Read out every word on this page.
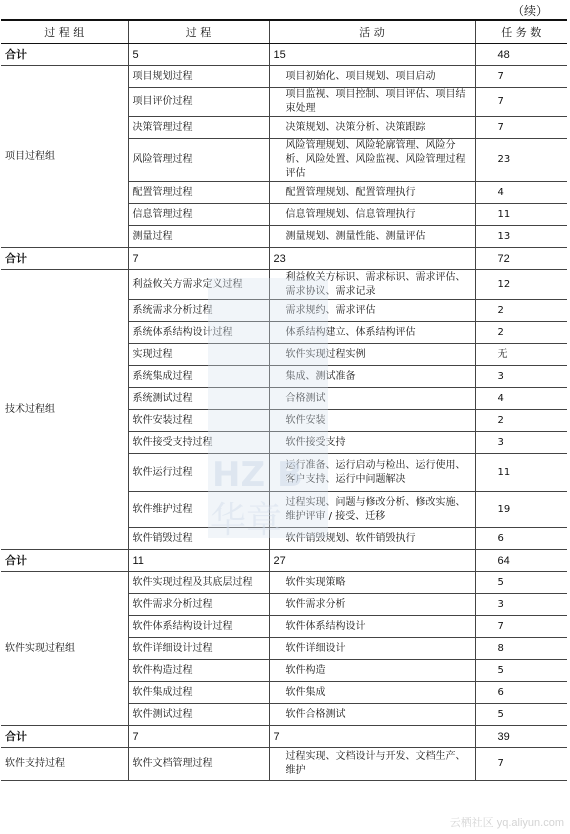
（续）
过 程 组	过 程	活 动	任 务 数
合计	5	15	48
项目过程组	项目规划过程	项目初始化、项目规划、项目启动	7
	项目评价过程	项目监视、项目控制、项目评估、项目结束处理	7
	决策管理过程	决策规划、决策分析、决策跟踪	7
	风险管理过程	风险管理规划、风险轮廓管理、风险分析、风险处置、风险监视、风险管理过程评估	23
	配置管理过程	配置管理规划、配置管理执行	4
	信息管理过程	信息管理规划、信息管理执行	11
	测量过程	测量规划、测量性能、测量评估	13
合计	7	23	72
技术过程组	利益攸关方需求定义过程	利益攸关方标识、需求标识、需求评估、需求协议、需求记录	12
	系统需求分析过程	需求规约、需求评估	2
	系统体系结构设计过程	体系结构建立、体系结构评估	2
	实现过程	软件实现过程实例	无
	系统集成过程	集成、测试准备	3
	系统测试过程	合格测试	4
	软件安装过程	软件安装	2
	软件接受支持过程	软件接受支持	3
	软件运行过程	运行准备、运行启动与检出、运行使用、客户支持、运行中问题解决	11
	软件维护过程	过程实现、问题与修改分析、修改实施、维护评审 / 接受、迁移	19
	软件销毁过程	软件销毁规划、软件销毁执行	6
合计	11	27	64
软件实现过程组	软件实现过程及其底层过程	软件实现策略	5
	软件需求分析过程	软件需求分析	3
	软件体系结构设计过程	软件体系结构设计	7
	软件详细设计过程	软件详细设计	8
	软件构造过程	软件构造	5
	软件集成过程	软件集成	6
	软件测试过程	软件合格测试	5
合计	7	7	39
软件支持过程	软件文档管理过程	过程实现、文档设计与开发、文档生产、维护	7
HZ B
华章
云栖社区 yq.aliyun.com
